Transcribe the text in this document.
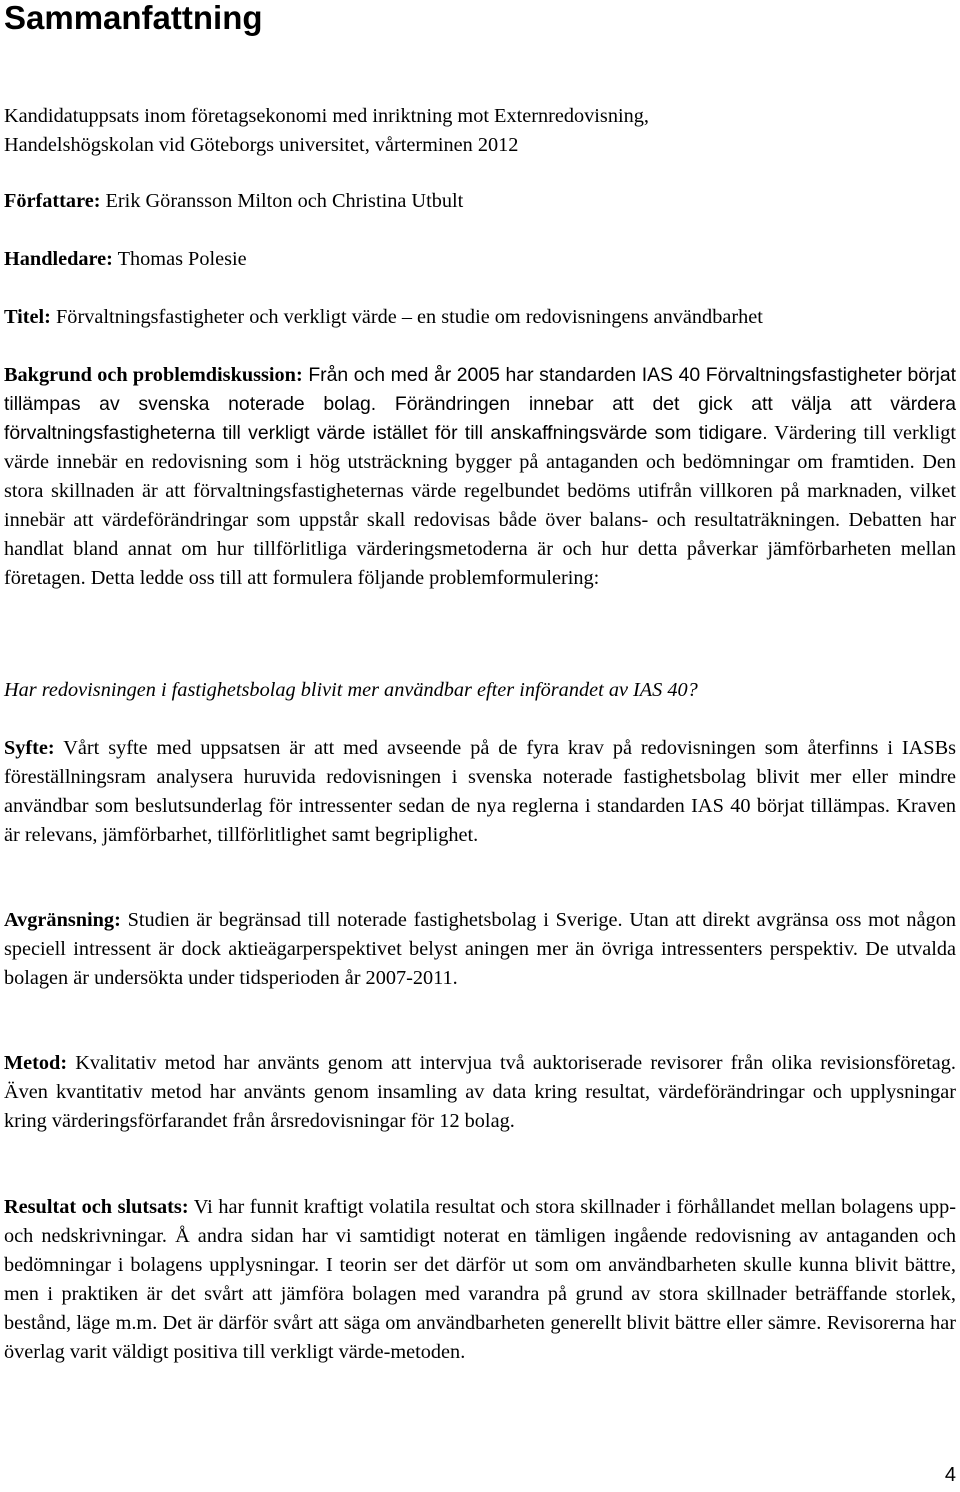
Sammanfattning

Kandidatuppsats inom företagsekonomi med inriktning mot Externredovisning,
Handelshögskolan vid Göteborgs universitet, vårterminen 2012

Författare: Erik Göransson Milton och Christina Utbult

Handledare: Thomas Polesie

Titel: Förvaltningsfastigheter och verkligt värde – en studie om redovisningens användbarhet

Bakgrund och problemdiskussion: Från och med år 2005 har standarden IAS 40 Förvaltningsfastigheter börjat tillämpas av svenska noterade bolag. Förändringen innebar att det gick att välja att värdera förvaltningsfastigheterna till verkligt värde istället för till anskaffningsvärde som tidigare. Värdering till verkligt värde innebär en redovisning som i hög utsträckning bygger på antaganden och bedömningar om framtiden. Den stora skillnaden är att förvaltningsfastigheternas värde regelbundet bedöms utifrån villkoren på marknaden, vilket innebär att värdeförändringar som uppstår skall redovisas både över balans- och resultaträkningen. Debatten har handlat bland annat om hur tillförlitliga värderingsmetoderna är och hur detta påverkar jämförbarheten mellan företagen. Detta ledde oss till att formulera följande problemformulering:

Har redovisningen i fastighetsbolag blivit mer användbar efter införandet av IAS 40?

Syfte: Vårt syfte med uppsatsen är att med avseende på de fyra krav på redovisningen som återfinns i IASBs föreställningsram analysera huruvida redovisningen i svenska noterade fastighetsbolag blivit mer eller mindre användbar som beslutsunderlag för intressenter sedan de nya reglerna i standarden IAS 40 börjat tillämpas. Kraven är relevans, jämförbarhet, tillförlitlighet samt begriplighet.

Avgränsning: Studien är begränsad till noterade fastighetsbolag i Sverige. Utan att direkt avgränsa oss mot någon speciell intressent är dock aktieägarperspektivet belyst aningen mer än övriga intressenters perspektiv. De utvalda bolagen är undersökta under tidsperioden år 2007-2011.

Metod: Kvalitativ metod har använts genom att intervjua två auktoriserade revisorer från olika revisionsföretag. Även kvantitativ metod har använts genom insamling av data kring resultat, värdeförändringar och upplysningar kring värderingsförfarandet från årsredovisningar för 12 bolag.

Resultat och slutsats: Vi har funnit kraftigt volatila resultat och stora skillnader i förhållandet mellan bolagens upp- och nedskrivningar. Å andra sidan har vi samtidigt noterat en tämligen ingående redovisning av antaganden och bedömningar i bolagens upplysningar. I teorin ser det därför ut som om användbarheten skulle kunna blivit bättre, men i praktiken är det svårt att jämföra bolagen med varandra på grund av stora skillnader beträffande storlek, bestånd, läge m.m. Det är därför svårt att säga om användbarheten generellt blivit bättre eller sämre. Revisorerna har överlag varit väldigt positiva till verkligt värde-metoden.

4
